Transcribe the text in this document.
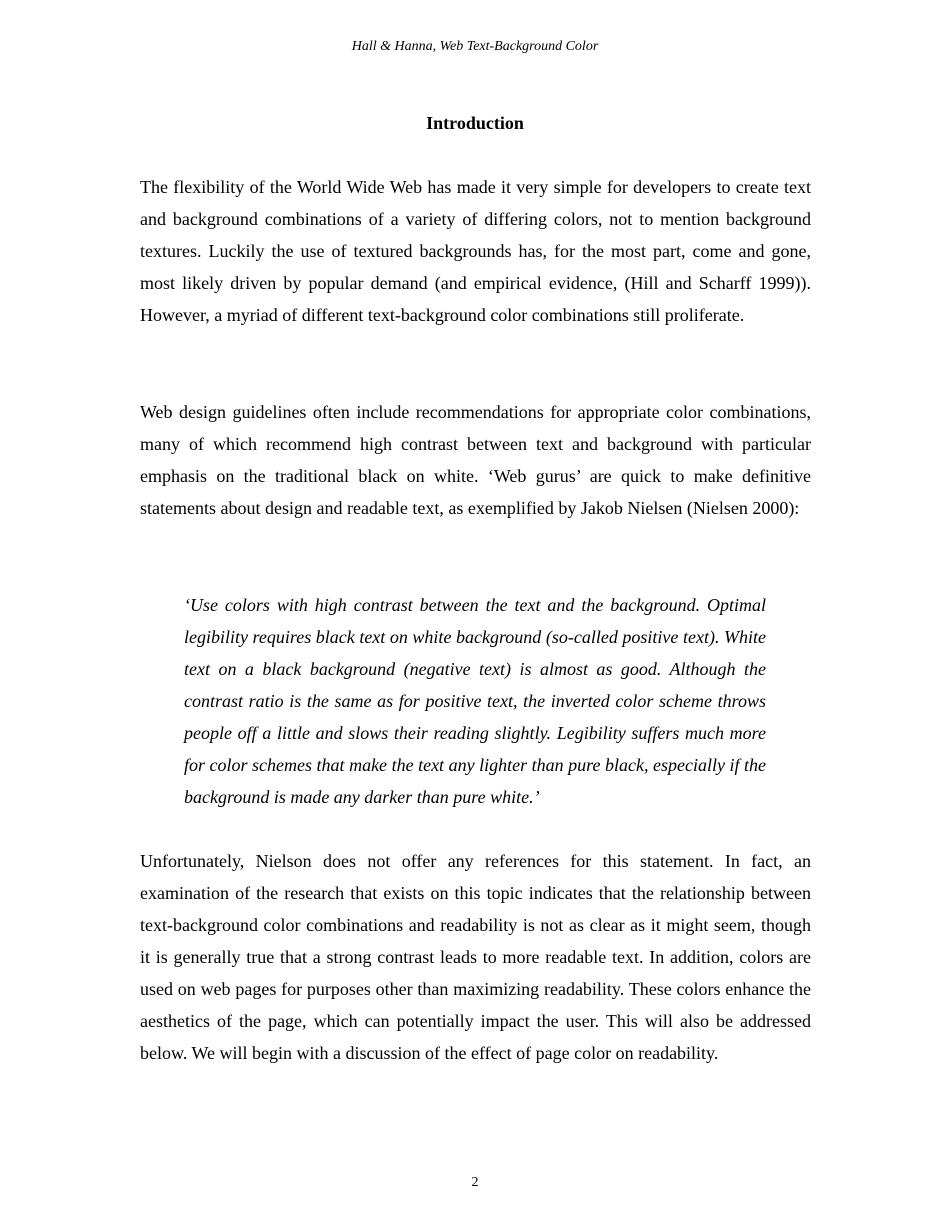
Hall & Hanna, Web Text-Background Color
Introduction

The flexibility of the World Wide Web has made it very simple for developers to create text and background combinations of a variety of differing colors, not to mention background textures. Luckily the use of textured backgrounds has, for the most part, come and gone, most likely driven by popular demand (and empirical evidence, (Hill and Scharff 1999)). However, a myriad of different text-background color combinations still proliferate.

Web design guidelines often include recommendations for appropriate color combinations, many of which recommend high contrast between text and background with particular emphasis on the traditional black on white. ‘Web gurus’ are quick to make definitive statements about design and readable text, as exemplified by Jakob Nielsen (Nielsen 2000):

‘Use colors with high contrast between the text and the background. Optimal legibility requires black text on white background (so-called positive text). White text on a black background (negative text) is almost as good. Although the contrast ratio is the same as for positive text, the inverted color scheme throws people off a little and slows their reading slightly. Legibility suffers much more for color schemes that make the text any lighter than pure black, especially if the background is made any darker than pure white.’

Unfortunately, Nielson does not offer any references for this statement. In fact, an examination of the research that exists on this topic indicates that the relationship between text-background color combinations and readability is not as clear as it might seem, though it is generally true that a strong contrast leads to more readable text. In addition, colors are used on web pages for purposes other than maximizing readability. These colors enhance the aesthetics of the page, which can potentially impact the user. This will also be addressed below. We will begin with a discussion of the effect of page color on readability.

2
